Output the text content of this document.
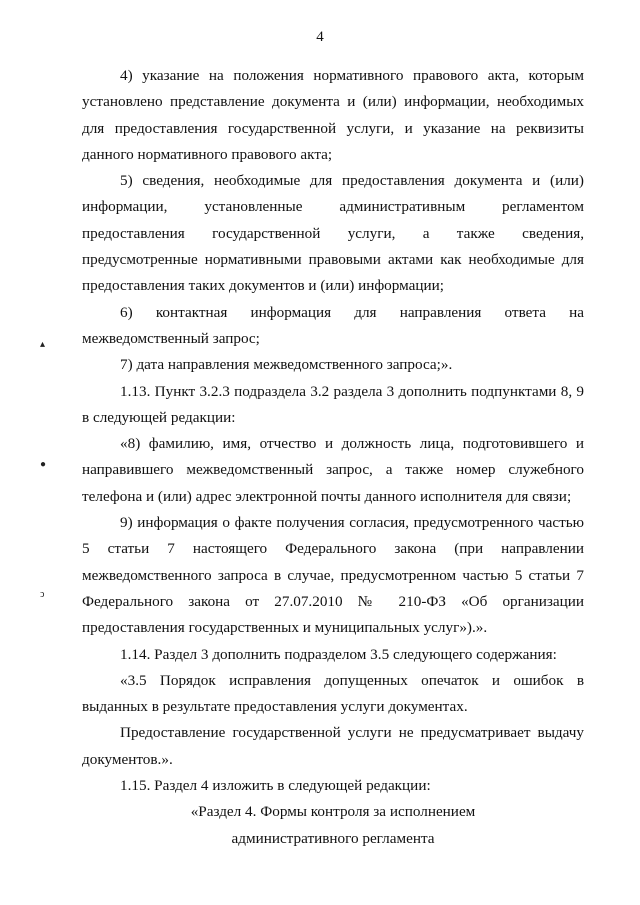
4
▴
●
ↄ

4) указание на положения нормативного правового акта, которым установлено представление документа и (или) информации, необходимых для предоставления государственной услуги, и указание на реквизиты данного нормативного правового акта;

5) сведения, необходимые для предоставления документа и (или) информации, установленные административным регламентом предоставления государственной услуги, а также сведения, предусмотренные нормативными правовыми актами как необходимые для предоставления таких документов и (или) информации;

6) контактная информация для направления ответа на межведомственный запрос;

7) дата направления межведомственного запроса;».

1.13. Пункт 3.2.3 подраздела 3.2 раздела 3 дополнить подпунктами 8, 9 в следующей редакции:

«8) фамилию, имя, отчество и должность лица, подготовившего и направившего межведомственный запрос, а также номер служебного телефона и (или) адрес электронной почты данного исполнителя для связи;

9) информация о факте получения согласия, предусмотренного частью 5 статьи 7 настоящего Федерального закона (при направлении межведомственного запроса в случае, предусмотренном частью 5 статьи 7 Федерального закона от 27.07.2010 № 210-ФЗ «Об организации предоставления государственных и муниципальных услуг»).».

1.14. Раздел 3 дополнить подразделом 3.5 следующего содержания:

«3.5 Порядок исправления допущенных опечаток и ошибок в выданных в результате предоставления услуги документах.

Предоставление государственной услуги не предусматривает выдачу документов.».

1.15. Раздел 4 изложить в следующей редакции:

«Раздел 4. Формы контроля за исполнением

административного регламента
